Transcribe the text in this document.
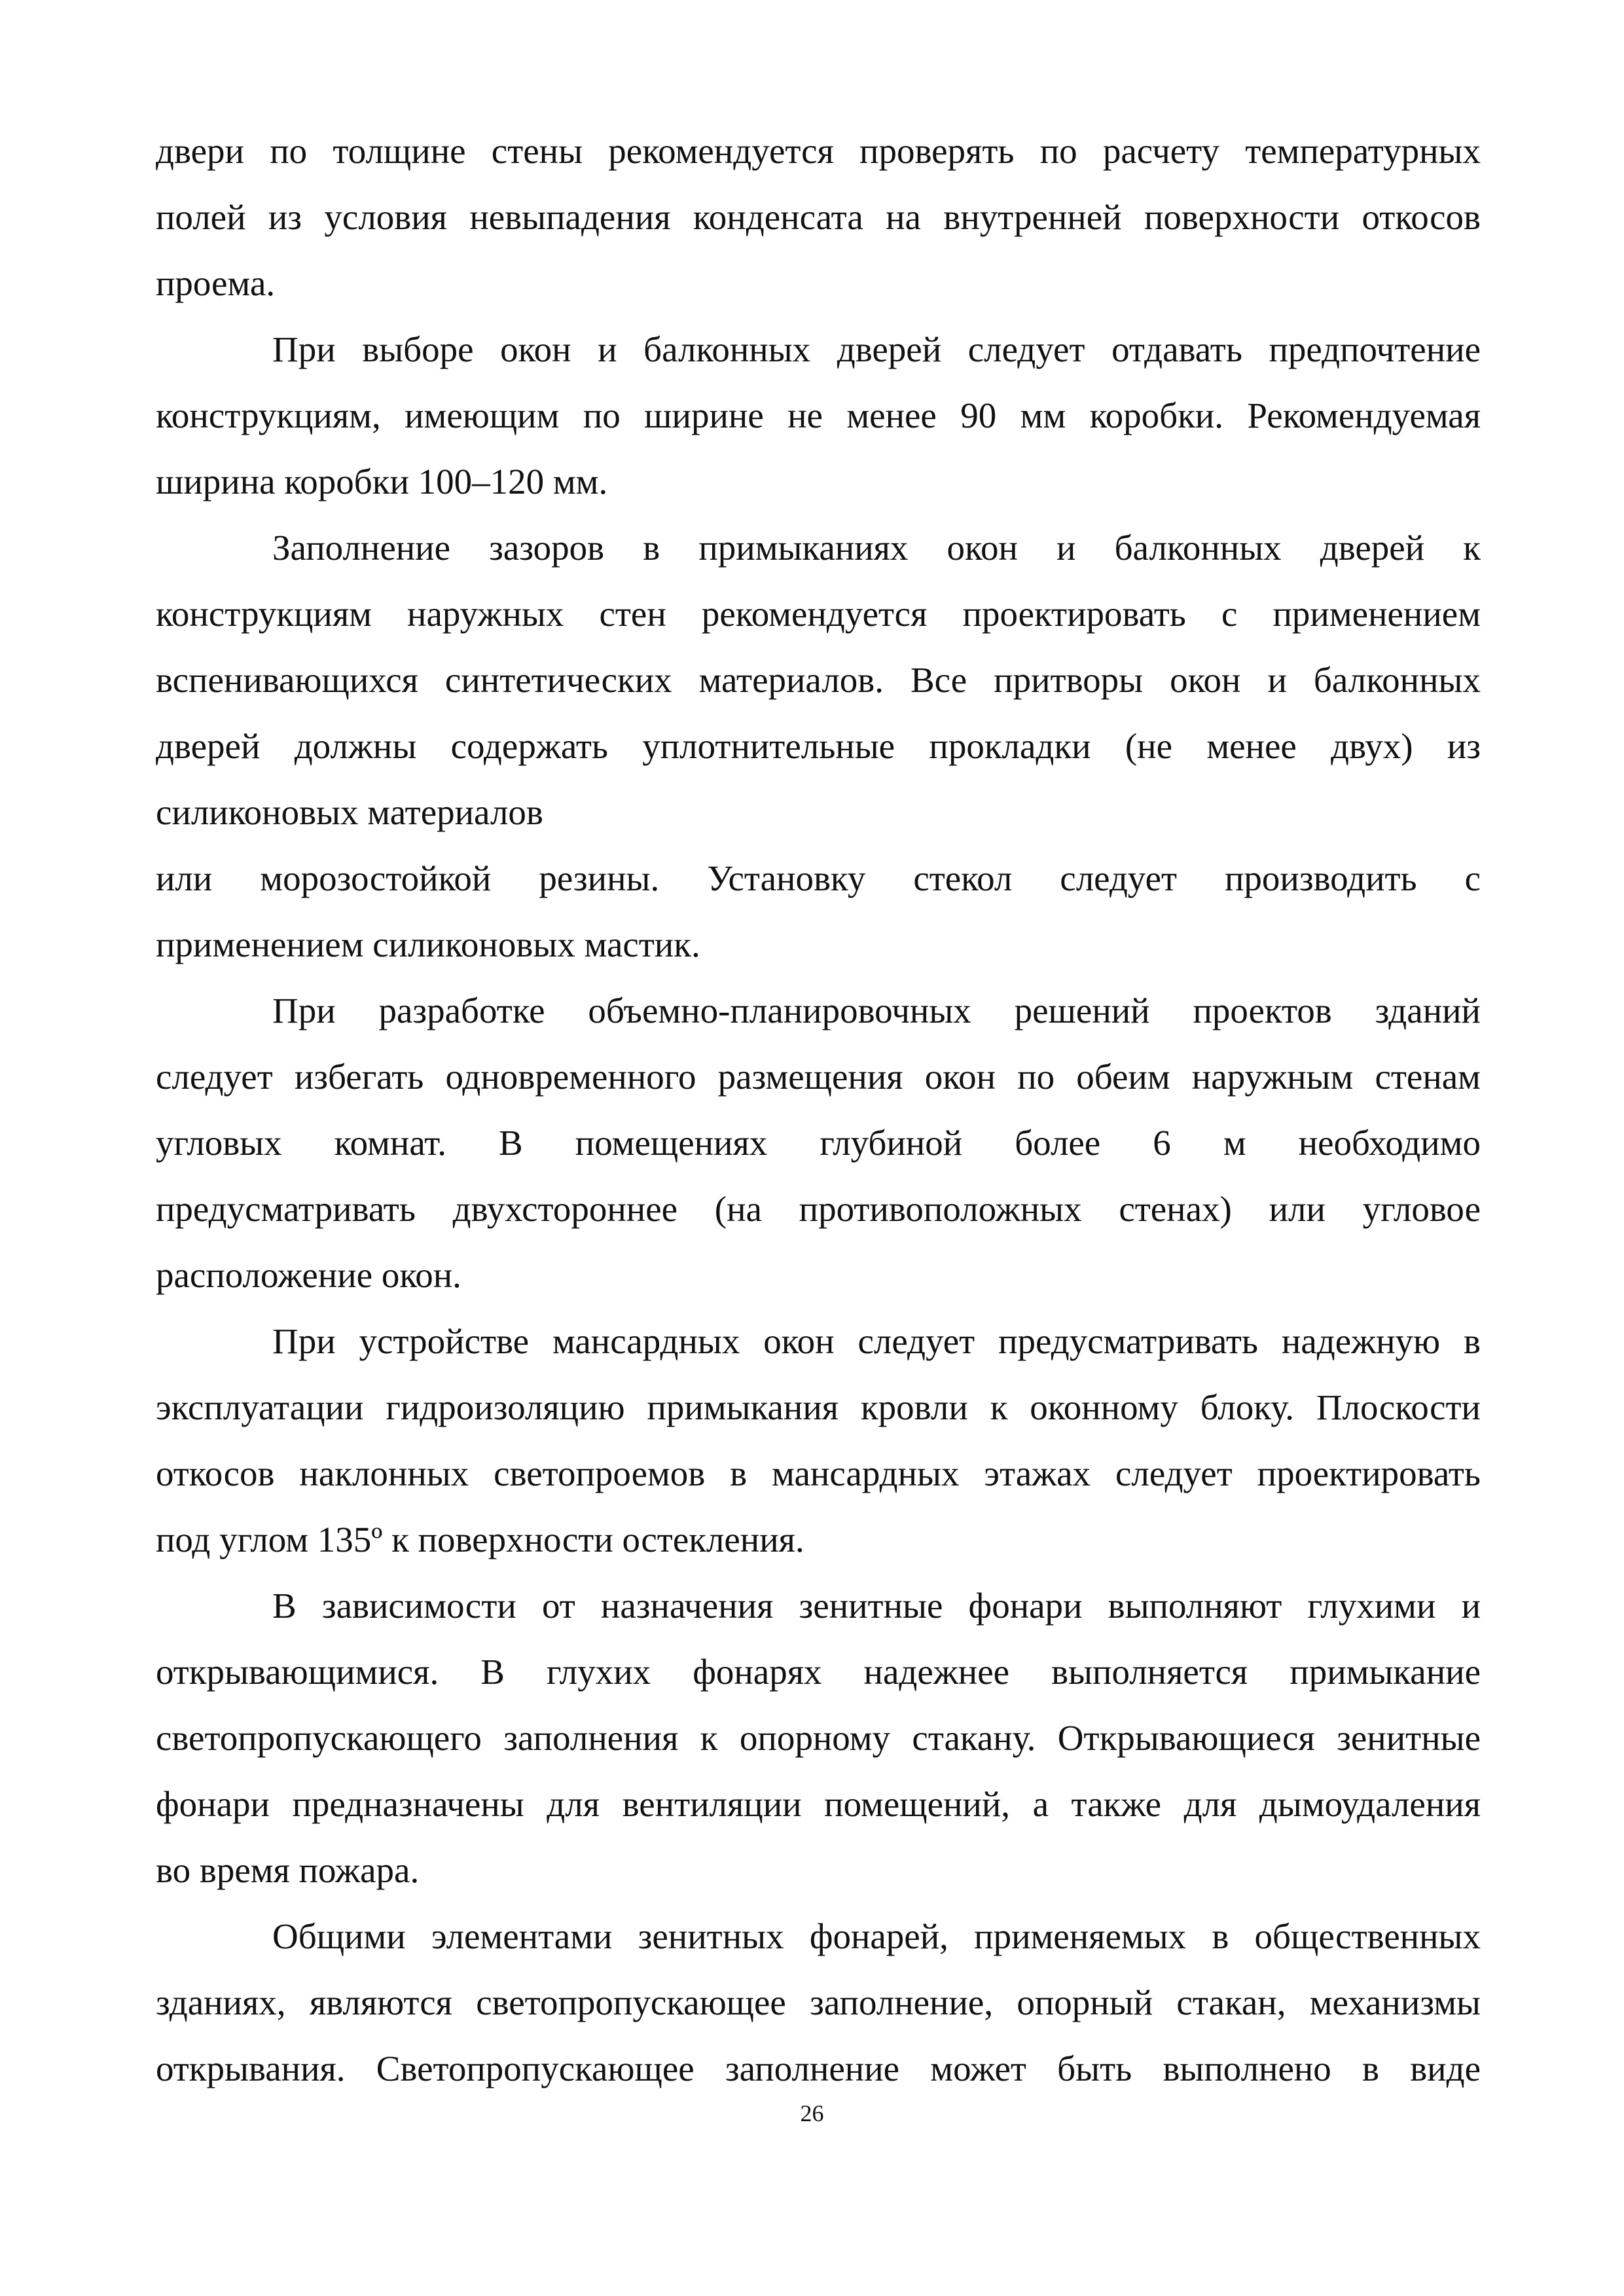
двери по толщине стены рекомендуется проверять по расчету температурных
полей из условия невыпадения конденсата на внутренней поверхности откосов
проема.
При выборе окон и балконных дверей следует отдавать предпочтение
конструкциям, имеющим по ширине не менее 90 мм коробки. Рекомендуемая
ширина коробки 100–120 мм.
Заполнение зазоров в примыканиях окон и балконных дверей к
конструкциям наружных стен рекомендуется проектировать с применением
вспенивающихся синтетических материалов. Все притворы окон и балконных
дверей должны содержать уплотнительные прокладки (не менее двух) из
силиконовых материалов
или морозостойкой резины. Установку стекол следует производить с
применением силиконовых мастик.
При разработке объемно-планировочных решений проектов зданий
следует избегать одновременного размещения окон по обеим наружным стенам
угловых комнат. В помещениях глубиной более 6 м необходимо
предусматривать двухстороннее (на противоположных стенах) или угловое
расположение окон.
При устройстве мансардных окон следует предусматривать надежную в
эксплуатации гидроизоляцию примыкания кровли к оконному блоку. Плоскости
откосов наклонных светопроемов в мансардных этажах следует проектировать
под углом 135º к поверхности остекления.
В зависимости от назначения зенитные фонари выполняют глухими и
открывающимися. В глухих фонарях надежнее выполняется примыкание
светопропускающего заполнения к опорному стакану. Открывающиеся зенитные
фонари предназначены для вентиляции помещений, а также для дымоудаления
во время пожара.
Общими элементами зенитных фонарей, применяемых в общественных
зданиях, являются светопропускающее заполнение, опорный стакан, механизмы
открывания. Светопропускающее заполнение может быть выполнено в виде
26
